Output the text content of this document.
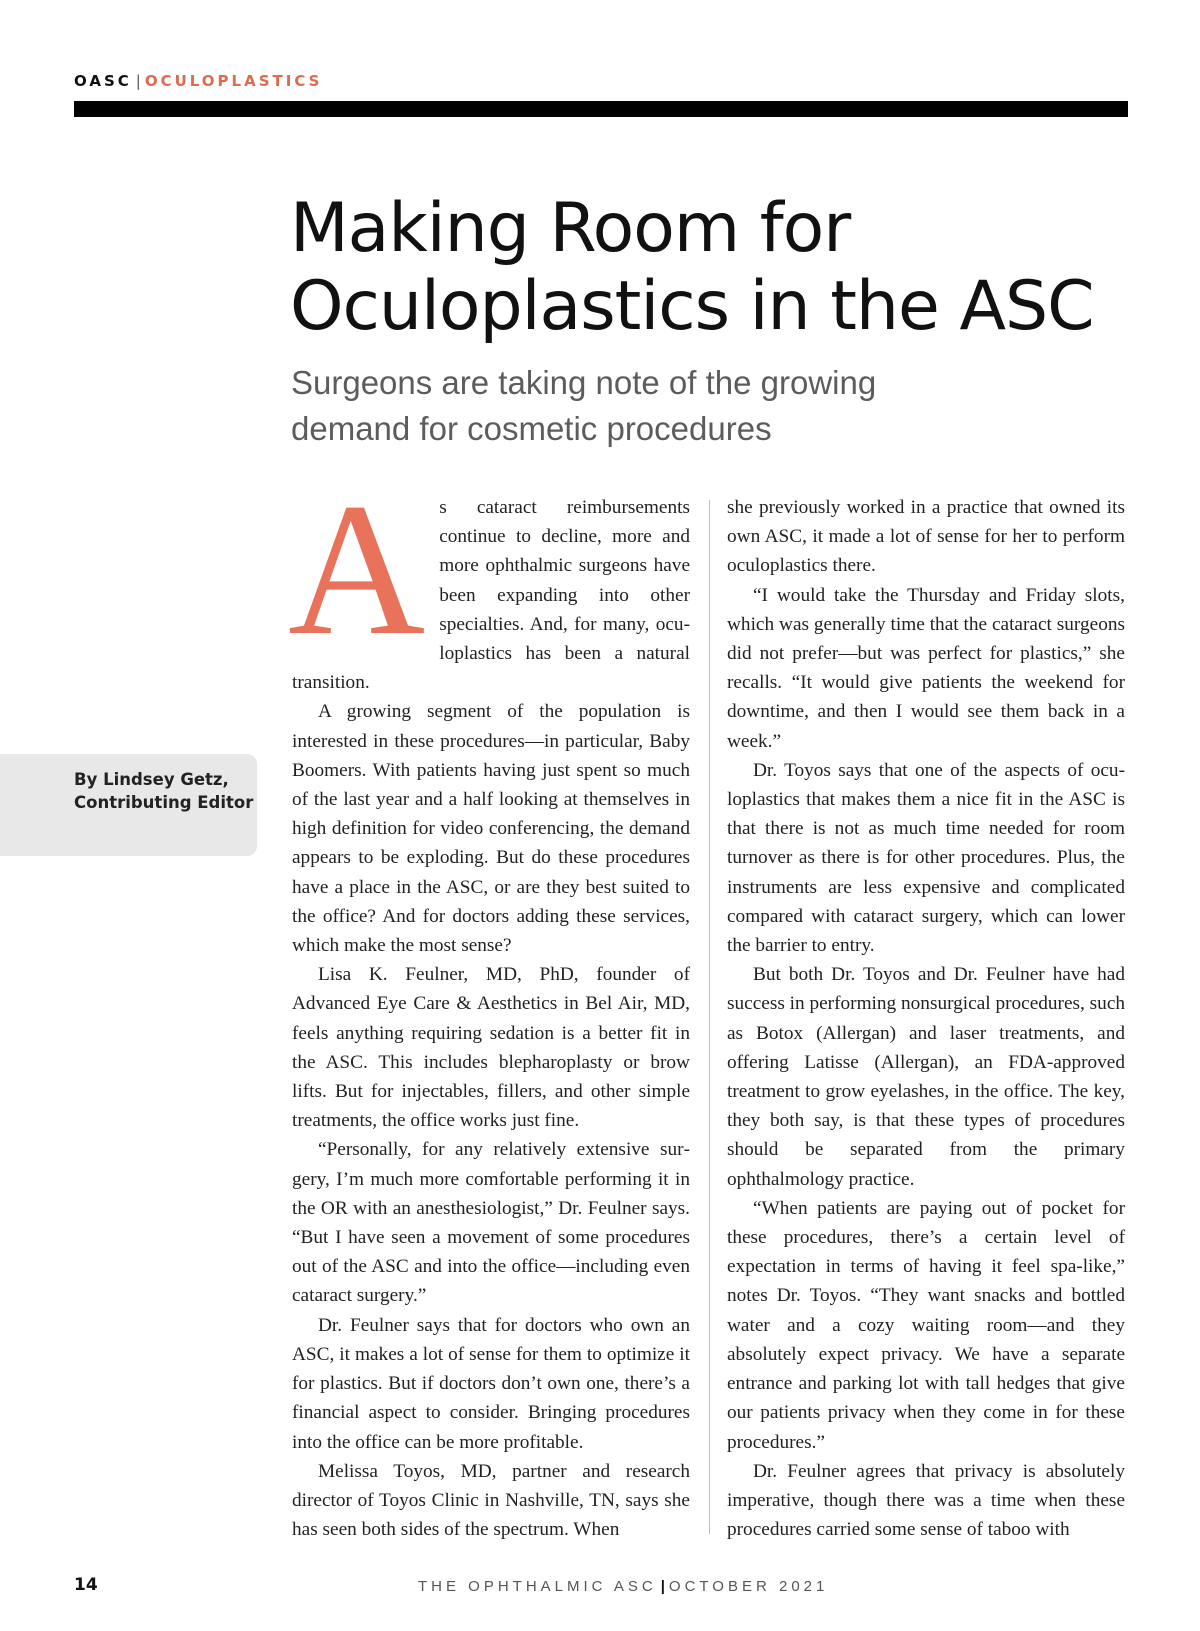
OASC | OCULOPLASTICS
Making Room for
Oculoplastics in the ASC
Surgeons are taking note of the growing
demand for cosmetic procedures
By Lindsey Getz, Contributing Editor
A s cataract reimbursements continue to decline, more and more ophthalmic surgeons have been expanding into other specialties. And, for many, oculoplastics has been a natural transition.

A growing segment of the population is interested in these procedures—in particular, Baby Boomers. With patients having just spent so much of the last year and a half looking at themselves in high definition for video conferencing, the demand appears to be exploding. But do these procedures have a place in the ASC, or are they best suited to the office? And for doctors adding these services, which make the most sense?

Lisa K. Feulner, MD, PhD, founder of Advanced Eye Care & Aesthetics in Bel Air, MD, feels anything requiring sedation is a better fit in the ASC. This includes blepharoplasty or brow lifts. But for injectables, fillers, and other simple treatments, the office works just fine.

“Personally, for any relatively extensive surgery, I’m much more comfortable performing it in the OR with an anesthesiologist,” Dr. Feulner says. “But I have seen a movement of some procedures out of the ASC and into the office—including even cataract surgery.”

Dr. Feulner says that for doctors who own an ASC, it makes a lot of sense for them to optimize it for plastics. But if doctors don’t own one, there’s a financial aspect to consider. Bringing procedures into the office can be more profitable.

Melissa Toyos, MD, partner and research director of Toyos Clinic in Nashville, TN, says she has seen both sides of the spectrum. When

she previously worked in a practice that owned its own ASC, it made a lot of sense for her to perform oculoplastics there.

“I would take the Thursday and Friday slots, which was generally time that the cataract surgeons did not prefer—but was perfect for plastics,” she recalls. “It would give patients the weekend for downtime, and then I would see them back in a week.”

Dr. Toyos says that one of the aspects of oculoplastics that makes them a nice fit in the ASC is that there is not as much time needed for room turnover as there is for other procedures. Plus, the instruments are less expensive and complicated compared with cataract surgery, which can lower the barrier to entry.

But both Dr. Toyos and Dr. Feulner have had success in performing nonsurgical procedures, such as Botox (Allergan) and laser treatments, and offering Latisse (Allergan), an FDA-approved treatment to grow eyelashes, in the office. The key, they both say, is that these types of procedures should be separated from the primary ophthalmology practice.

“When patients are paying out of pocket for these procedures, there’s a certain level of expectation in terms of having it feel spa-like,” notes Dr. Toyos. “They want snacks and bottled water and a cozy waiting room—and they absolutely expect privacy. We have a separate entrance and parking lot with tall hedges that give our patients privacy when they come in for these procedures.”

Dr. Feulner agrees that privacy is absolutely imperative, though there was a time when these procedures carried some sense of taboo with

14	THE OPHTHALMIC ASC | OCTOBER 2021
